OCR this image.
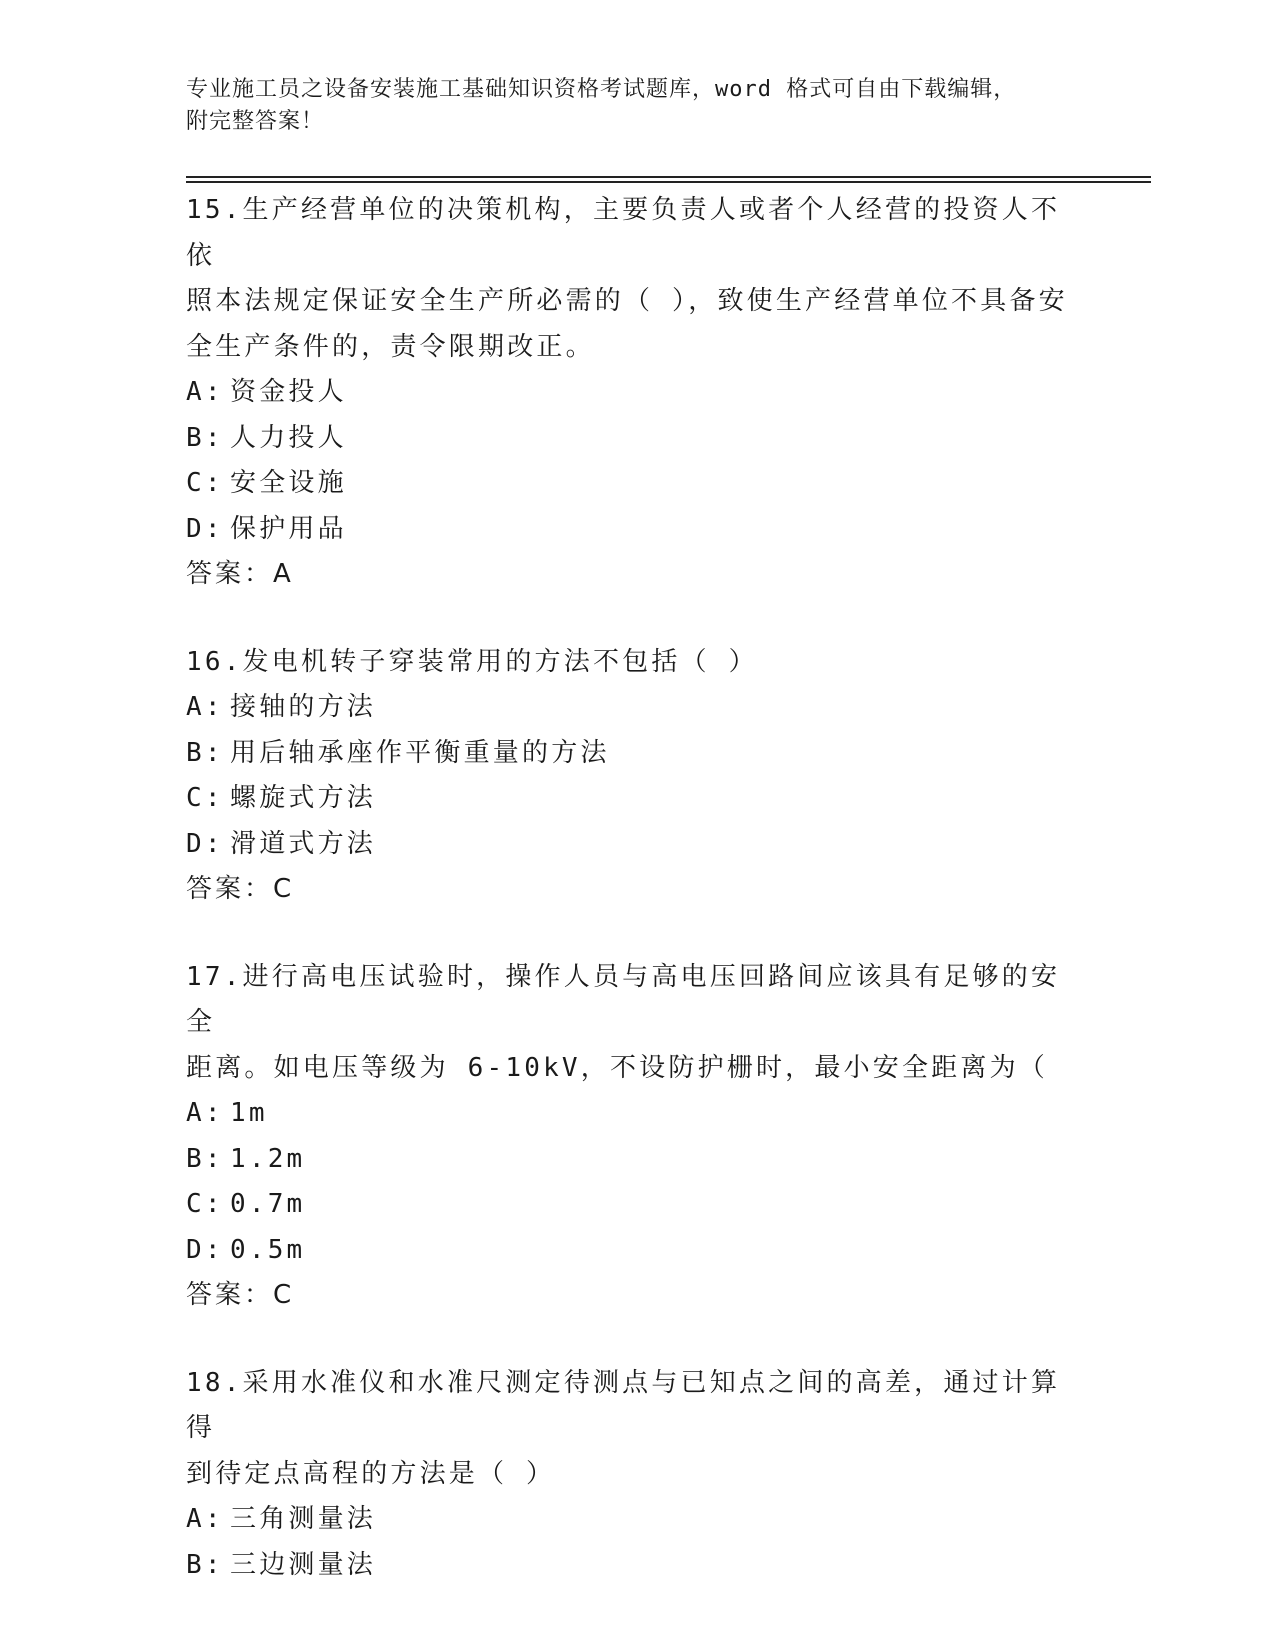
专业施工员之设备安装施工基础知识资格考试题库，word 格式可自由下载编辑，
附完整答案！
15.生产经营单位的决策机构，主要负责人或者个人经营的投资人不依
照本法规定保证安全生产所必需的（ ），致使生产经营单位不具备安
全生产条件的，责令限期改正。
A: 资金投人
B: 人力投人
C: 安全设施
D: 保护用品
答案：A
16.发电机转子穿装常用的方法不包括（ ）
A: 接轴的方法
B: 用后轴承座作平衡重量的方法
C: 螺旋式方法
D: 滑道式方法
答案：C
17.进行高电压试验时，操作人员与高电压回路间应该具有足够的安全
距离。如电压等级为 6-10kV，不设防护栅时，最小安全距离为（
A: 1m
B: 1.2m
C: 0.7m
D: 0.5m
答案：C
18.采用水准仪和水准尺测定待测点与已知点之间的高差，通过计算得
到待定点高程的方法是（ ）
A: 三角测量法
B: 三边测量法
